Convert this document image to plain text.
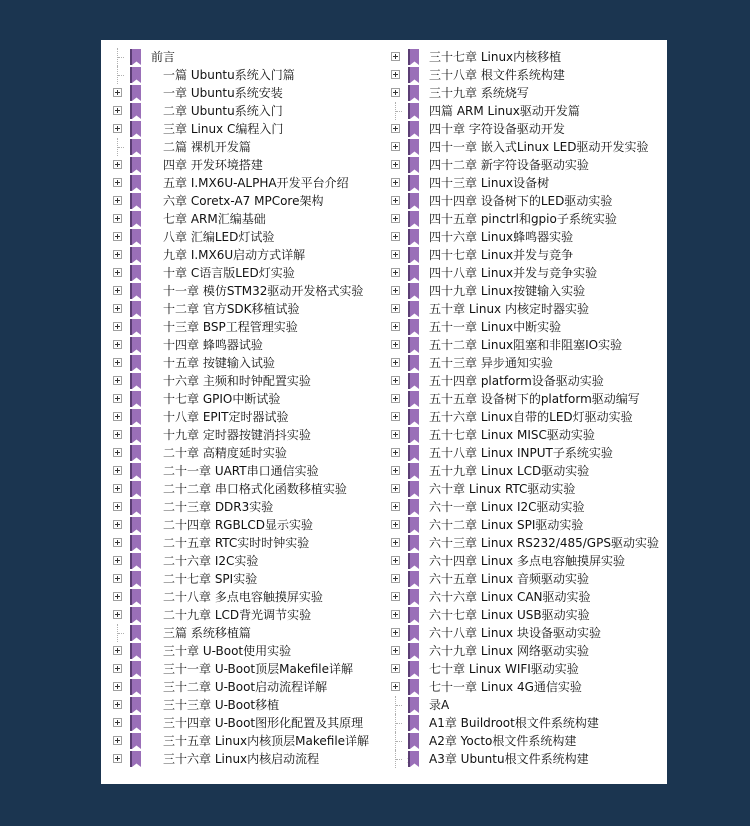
前言
一篇 Ubuntu系统入门篇
一章 Ubuntu系统安装
二章 Ubuntu系统入门
三章 Linux C编程入门
二篇 裸机开发篇
四章 开发环境搭建
五章 I.MX6U-ALPHA开发平台介绍
六章 Coretx-A7 MPCore架构
七章 ARM汇编基础
八章 汇编LED灯试验
九章 I.MX6U启动方式详解
十章 C语言版LED灯实验
十一章 模仿STM32驱动开发格式实验
十二章 官方SDK移植试验
十三章 BSP工程管理实验
十四章 蜂鸣器试验
十五章 按键输入试验
十六章 主频和时钟配置实验
十七章 GPIO中断试验
十八章 EPIT定时器试验
十九章 定时器按键消抖实验
二十章 高精度延时实验
二十一章 UART串口通信实验
二十二章 串口格式化函数移植实验
二十三章 DDR3实验
二十四章 RGBLCD显示实验
二十五章 RTC实时时钟实验
二十六章 I2C实验
二十七章 SPI实验
二十八章 多点电容触摸屏实验
二十九章 LCD背光调节实验
三篇 系统移植篇
三十章 U-Boot使用实验
三十一章 U-Boot顶层Makefile详解
三十二章 U-Boot启动流程详解
三十三章 U-Boot移植
三十四章 U-Boot图形化配置及其原理
三十五章 Linux内核顶层Makefile详解
三十六章 Linux内核启动流程
三十七章 Linux内核移植
三十八章 根文件系统构建
三十九章 系统烧写
四篇 ARM Linux驱动开发篇
四十章 字符设备驱动开发
四十一章 嵌入式Linux LED驱动开发实验
四十二章 新字符设备驱动实验
四十三章 Linux设备树
四十四章 设备树下的LED驱动实验
四十五章 pinctrl和gpio子系统实验
四十六章 Linux蜂鸣器实验
四十七章 Linux并发与竞争
四十八章 Linux并发与竞争实验
四十九章 Linux按键输入实验
五十章 Linux 内核定时器实验
五十一章 Linux中断实验
五十二章 Linux阻塞和非阻塞IO实验
五十三章 异步通知实验
五十四章 platform设备驱动实验
五十五章 设备树下的platform驱动编写
五十六章 Linux自带的LED灯驱动实验
五十七章 Linux MISC驱动实验
五十八章 Linux INPUT子系统实验
五十九章 Linux LCD驱动实验
六十章 Linux RTC驱动实验
六十一章 Linux I2C驱动实验
六十二章 Linux SPI驱动实验
六十三章 Linux RS232/485/GPS驱动实验
六十四章 Linux 多点电容触摸屏实验
六十五章 Linux 音频驱动实验
六十六章 Linux CAN驱动实验
六十七章 Linux USB驱动实验
六十八章 Linux 块设备驱动实验
六十九章 Linux 网络驱动实验
七十章 Linux WIFI驱动实验
七十一章 Linux 4G通信实验
录A
A1章 Buildroot根文件系统构建
A2章 Yocto根文件系统构建
A3章 Ubuntu根文件系统构建
